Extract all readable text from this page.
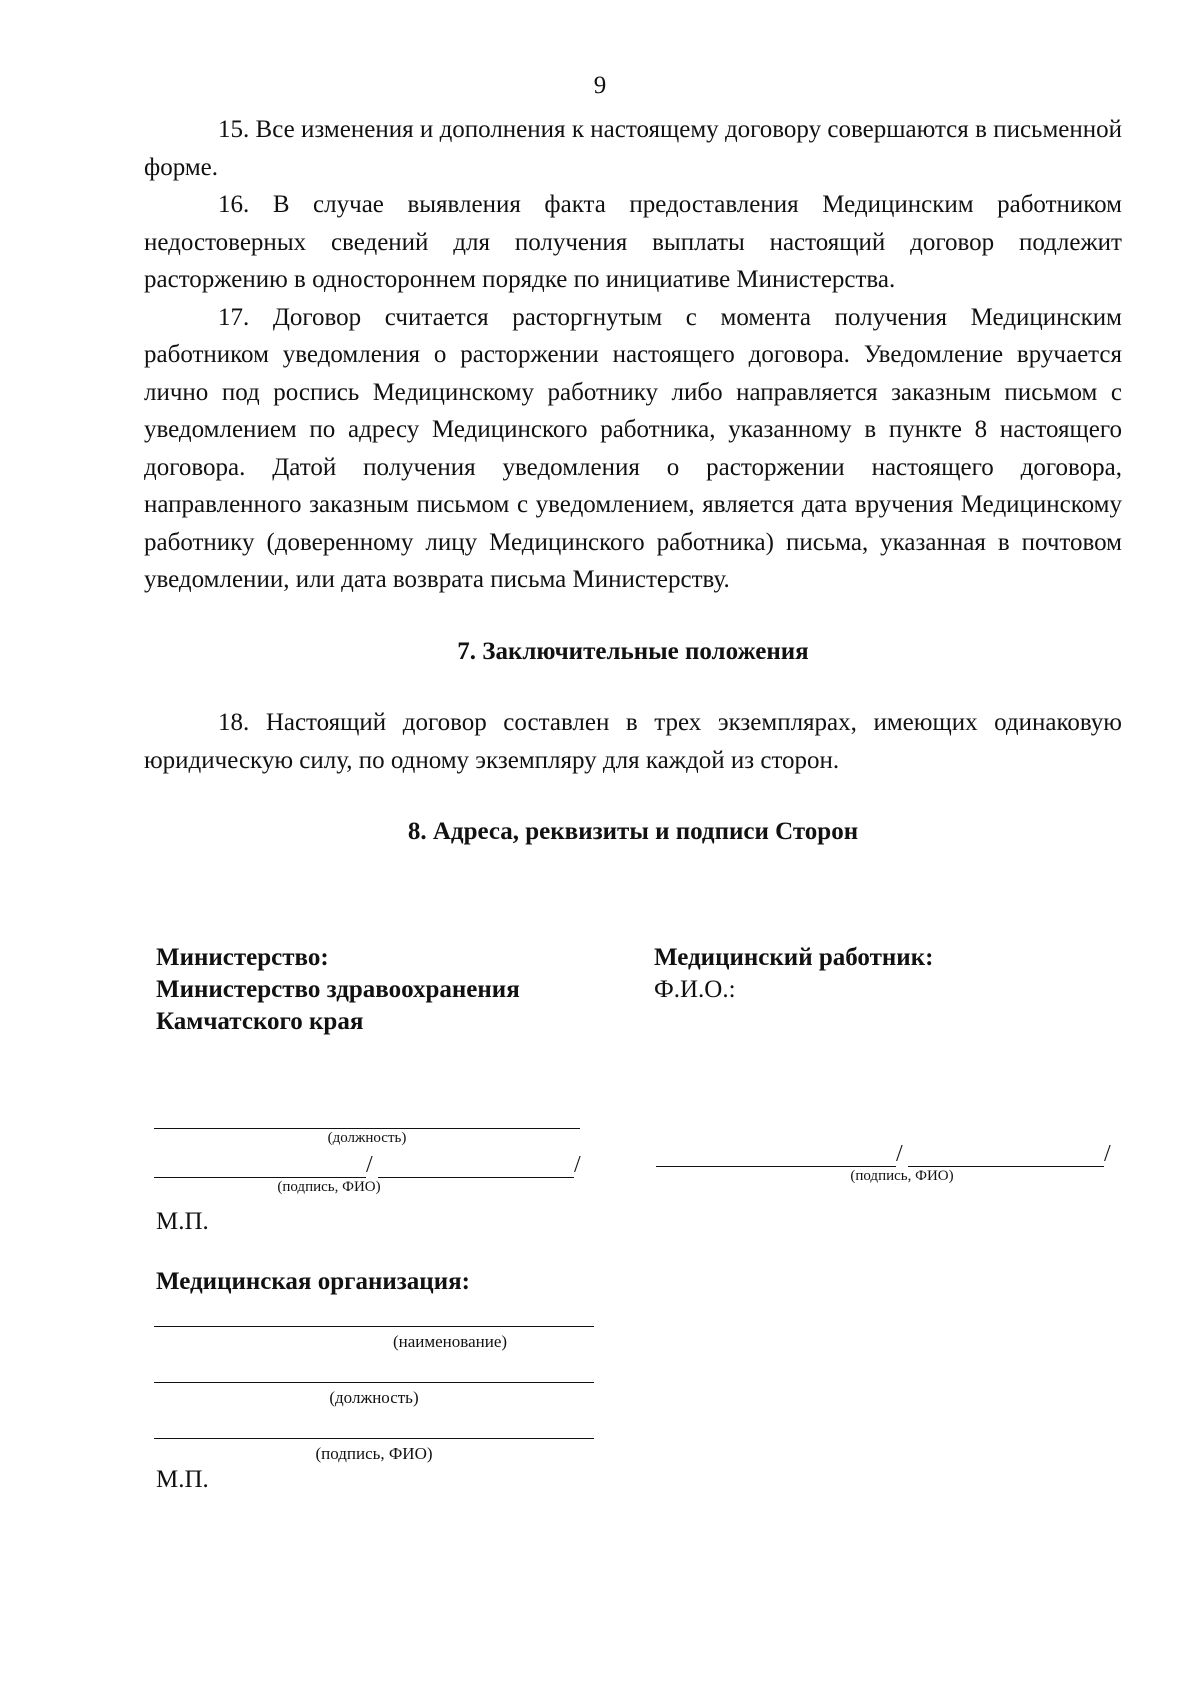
9

15. Все изменения и дополнения к настоящему договору совершаются в письменной форме.

16. В случае выявления факта предоставления Медицинским работником недостоверных сведений для получения выплаты настоящий договор подлежит расторжению в одностороннем порядке по инициативе Министерства.

17. Договор считается расторгнутым с момента получения Медицинским работником уведомления о расторжении настоящего договора. Уведомление вручается лично под роспись Медицинскому работнику либо направляется заказным письмом с уведомлением по адресу Медицинского работника, указанному в пункте 8 настоящего договора. Датой получения уведомления о расторжении настоящего договора, направленного заказным письмом с уведомлением, является дата вручения Медицинскому работнику (доверенному лицу Медицинского работника) письма, указанная в почтовом уведомлении, или дата возврата письма Министерству.

7. Заключительные положения

18. Настоящий договор составлен в трех экземплярах, имеющих одинаковую юридическую силу, по одному экземпляру для каждой из сторон.

8. Адреса, реквизиты и подписи Сторон

Министерство:
Министерство здравоохранения
Камчатского края
(должность)
/	/
(подпись, ФИО)
М.П.
Медицинский работник:
Ф.И.О.:
/	/
(подпись, ФИО)
Медицинская организация:
(наименование)
(должность)
(подпись, ФИО)
М.П.
